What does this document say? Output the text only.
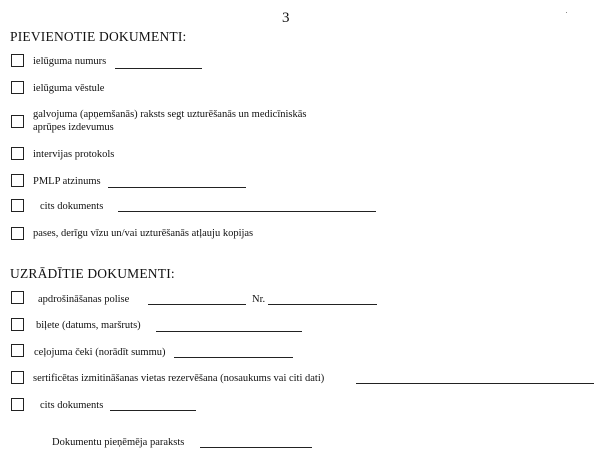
3
PIEVIENOTIE DOKUMENTI:
ielūguma numurs
ielūguma vēstule
galvojuma (apņemšanās) raksts segt uzturēšanās un medicīniskās
aprūpes izdevumus
intervijas protokols
PMLP atzinums
cits dokuments
pases, derīgu vīzu un/vai uzturēšanās atļauju kopijas
UZRĀDĪTIE DOKUMENTI:
apdrošināšanas polise	Nr.
biļete (datums, maršruts)
ceļojuma čeki (norādīt summu)
sertificētas izmitināšanas vietas rezervēšana (nosaukums vai citi dati)
cits dokuments
Dokumentu pieņēmēja paraksts
